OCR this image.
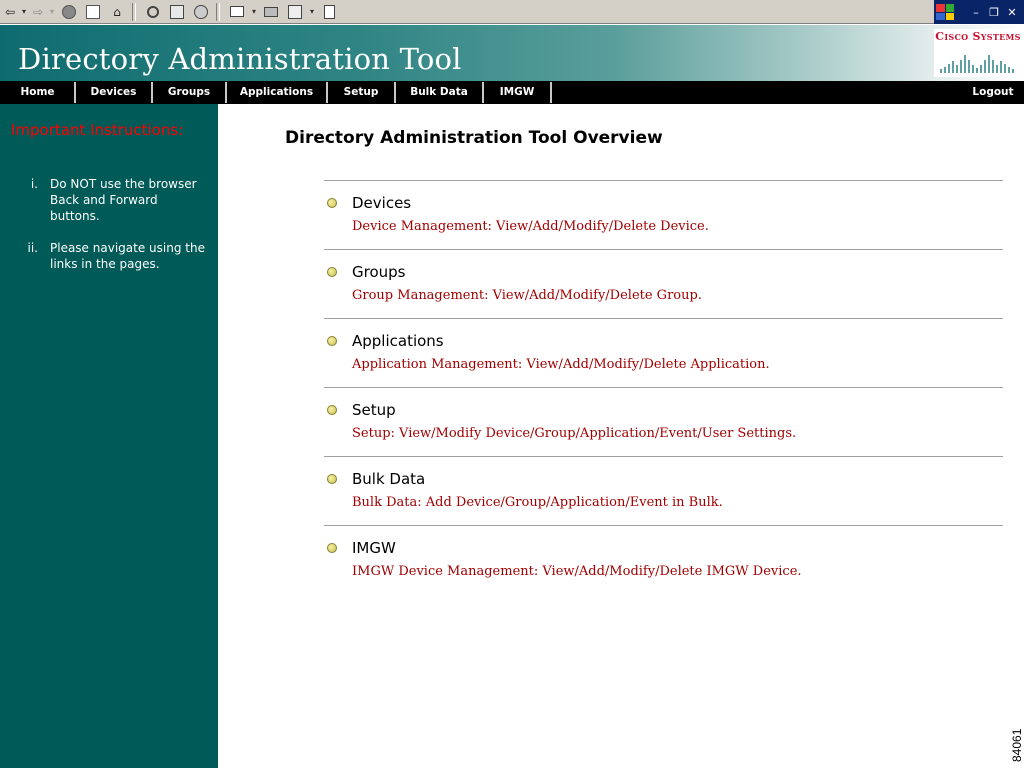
⇦ ▾ ⇨ ▾	⌂	▾	▾	– ❐ ✕
Directory Administration Tool
Cisco Systems
Home	Devices	Groups	Applications	Setup	Bulk Data	IMGW	Logout
Important Instructions:
i. Do NOT use the browser Back and Forward buttons.
ii. Please navigate using the links in the pages.
Directory Administration Tool Overview
Devices
Device Management: View/Add/Modify/Delete Device.
Groups
Group Management: View/Add/Modify/Delete Group.
Applications
Application Management: View/Add/Modify/Delete Application.
Setup
Setup: View/Modify Device/Group/Application/Event/User Settings.
Bulk Data
Bulk Data: Add Device/Group/Application/Event in Bulk.
IMGW
IMGW Device Management: View/Add/Modify/Delete IMGW Device.
84061
